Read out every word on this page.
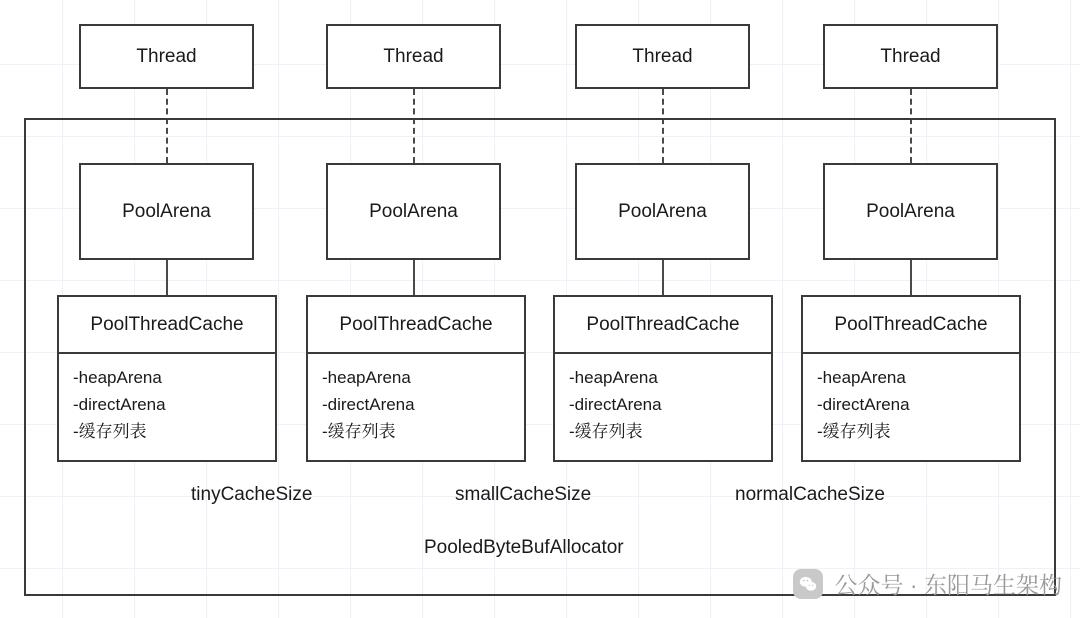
Thread	Thread	Thread	Thread
PoolArena	PoolArena	PoolArena	PoolArena
PoolThreadCache
-heapArena
-directArena
-缓存列表
PoolThreadCache
-heapArena
-directArena
-缓存列表
PoolThreadCache
-heapArena
-directArena
-缓存列表
PoolThreadCache
-heapArena
-directArena
-缓存列表
tinyCacheSize	smallCacheSize	normalCacheSize
PooledByteBufAllocator
公众号 · 东阳马生架构
